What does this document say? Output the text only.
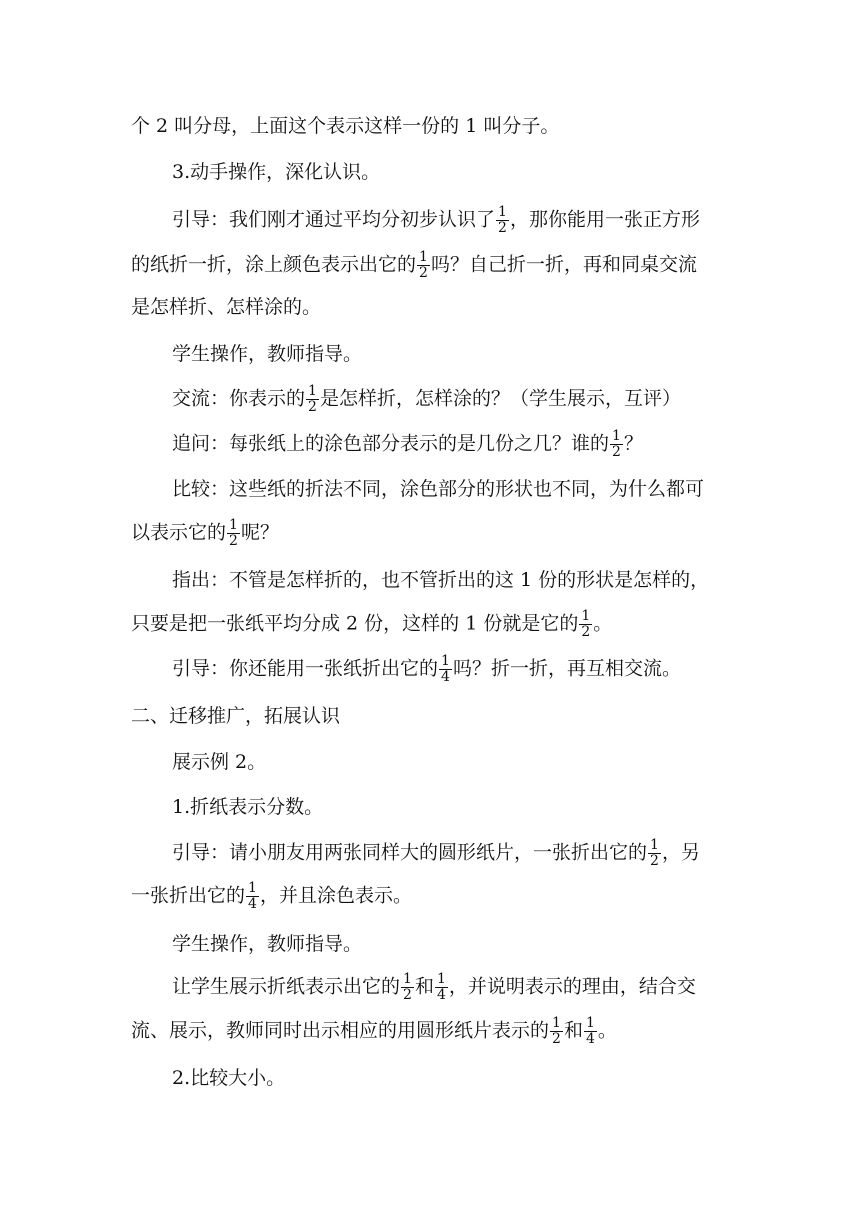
个 2 叫分母，上面这个表示这样一份的 1 叫分子。
3.动手操作，深化认识。
引导：我们刚才通过平均分初步认识了 $\frac{1}{2}$ ，那你能用一张正方形
的纸折一折，涂上颜色表示出它的 $\frac{1}{2}$ 吗？自己折一折，再和同桌交流
是怎样折、怎样涂的。
学生操作，教师指导。
交流：你表示的 $\frac{1}{2}$ 是怎样折，怎样涂的？（学生展示，互评）
追问：每张纸上的涂色部分表示的是几份之几？谁的 $\frac{1}{2}$ ？
比较：这些纸的折法不同，涂色部分的形状也不同，为什么都可
以表示它的 $\frac{1}{2}$ 呢？
指出：不管是怎样折的，也不管折出的这 1 份的形状是怎样的，
只要是把一张纸平均分成 2 份，这样的 1 份就是它的 $\frac{1}{2}$ 。
引导：你还能用一张纸折出它的 $\frac{1}{4}$ 吗？折一折，再互相交流。
二、迁移推广，拓展认识
展示例 2。
1.折纸表示分数。
引导：请小朋友用两张同样大的圆形纸片，一张折出它的 $\frac{1}{2}$ ，另
一张折出它的 $\frac{1}{4}$ ，并且涂色表示。
学生操作，教师指导。
让学生展示折纸表示出它的 $\frac{1}{2}$ 和 $\frac{1}{4}$ ，并说明表示的理由，结合交
流、展示，教师同时出示相应的用圆形纸片表示的 $\frac{1}{2}$ 和 $\frac{1}{4}$ 。
2.比较大小。
